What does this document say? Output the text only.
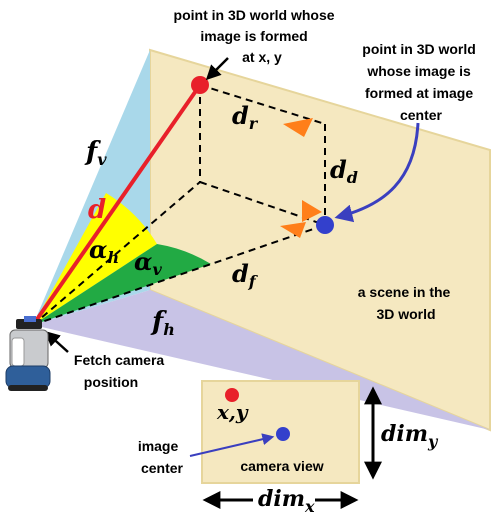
fv
d
$d_r$
$d_d$
$\alpha_h$ $\alpha_v$	$d_f$
fh
point in 3D world whose image is formed at x, y	point in 3D world whose image is formed at image center
a scene in the 3D world
Fetch camera position
x,y
camera view
image center
dim$_y$
dim$_x$
